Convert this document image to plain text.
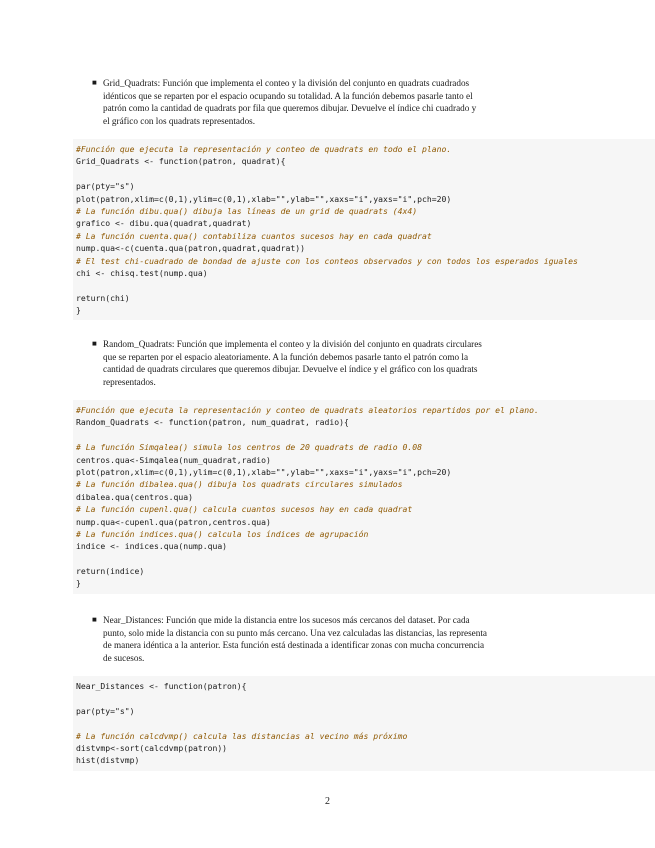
■ Grid_Quadrats: Función que implementa el conteo y la división del conjunto en quadrats cuadrados
idénticos que se reparten por el espacio ocupando su totalidad. A la función debemos pasarle tanto el
patrón como la cantidad de quadrats por fila que queremos dibujar. Devuelve el índice chi cuadrado y
el gráfico con los quadrats representados.
#Función que ejecuta la representación y conteo de quadrats en todo el plano.
Grid_Quadrats <- function(patron, quadrat){
par(pty="s")
plot(patron,xlim=c(0,1),ylim=c(0,1),xlab="",ylab="",xaxs="i",yaxs="i",pch=20)
# La función dibu.qua() dibuja las líneas de un grid de quadrats (4x4)
grafico <- dibu.qua(quadrat,quadrat)
# La función cuenta.qua() contabiliza cuantos sucesos hay en cada quadrat
nump.qua<-c(cuenta.qua(patron,quadrat,quadrat))
# El test chi-cuadrado de bondad de ajuste con los conteos observados y con todos los esperados iguales
chi <- chisq.test(nump.qua)
return(chi)
}
■ Random_Quadrats: Función que implementa el conteo y la división del conjunto en quadrats circulares
que se reparten por el espacio aleatoriamente. A la función debemos pasarle tanto el patrón como la
cantidad de quadrats circulares que queremos dibujar. Devuelve el índice y el gráfico con los quadrats
representados.
#Función que ejecuta la representación y conteo de quadrats aleatorios repartidos por el plano.
Random_Quadrats <- function(patron, num_quadrat, radio){
# La función Simqalea() simula los centros de 20 quadrats de radio 0.08
centros.qua<-Simqalea(num_quadrat,radio)
plot(patron,xlim=c(0,1),ylim=c(0,1),xlab="",ylab="",xaxs="i",yaxs="i",pch=20)
# La función dibalea.qua() dibuja los quadrats circulares simulados
dibalea.qua(centros.qua)
# La función cupenl.qua() calcula cuantos sucesos hay en cada quadrat
nump.qua<-cupenl.qua(patron,centros.qua)
# La función indices.qua() calcula los índices de agrupación
indice <- indices.qua(nump.qua)
return(indice)
}
■ Near_Distances: Función que mide la distancia entre los sucesos más cercanos del dataset. Por cada
punto, solo mide la distancia con su punto más cercano. Una vez calculadas las distancias, las representa
de manera idéntica a la anterior. Esta función está destinada a identificar zonas con mucha concurrencia
de sucesos.
Near_Distances <- function(patron){
par(pty="s")
# La función calcdvmp() calcula las distancias al vecino más próximo
distvmp<-sort(calcdvmp(patron))
hist(distvmp)
2
